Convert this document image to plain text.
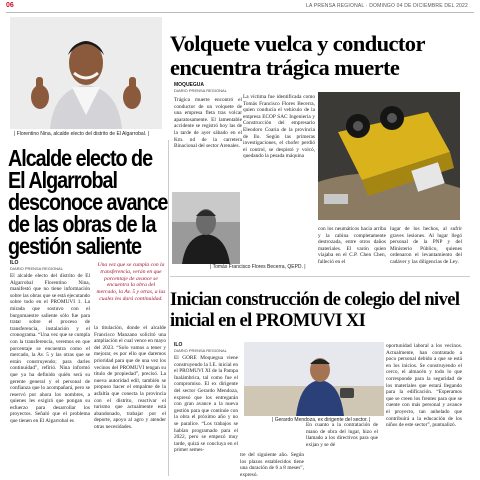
06	LA PRENSA REGIONAL · DOMINGO 04 DE DICIEMBRE DEL 2022
| Florentino Nina, alcalde electo del distrito de El Algarrobal. |
Alcalde electo de El Algarrobal desconoce avance de las obras de la gestión saliente
ILO
DIARIO PRENSA REGIONAL
Una vez que se cumpla con la transferencia, verán en que porcentaje de avance se encuentra la obra del mercado, la Av. 5 y otras, a las cuales les dará continuidad.

El alcalde electo del distrito de El Algarrobal Florentino Nina, manifestó que no tiene información sobre las obras que se está ejecutando sobre todo en el PROMUVI 1. La mirada que sostuvo con el burgomaestre saliente sólo fue para tratar sobre el proceso de transferencia, instalación y el cronograma. “Una vez que se cumpla con la transferencia, veremos en que porcentaje se encuentra como el mercado, la Av. 5 y las otras que se están construyendo; para darles continuidad”, refirió. Nina informó que ya ha definido quién será su gerente general y el personal de confianza que lo acompañará, pero se reservó por ahora los nombres, a quienes les exigirá que pongan su esfuerzo para desarrollar los proyectos. Señaló que el problema que tienen en El Algarrobal es

la titulación, donde el alcalde Francisco Manzano solicitó una ampliación el cual vence en mayo del 2023. “Solo vamos a tener y mejorar, es por ello que daremos prioridad para que de una vez los vecinos del PROMUVI tengan su título de propiedad”, precisó. La nueva autoridad edil, también se propuso hacer el empalme de la asfaltía que conecta la provincia con el distrito, reactivar el turismo que actualmente está abandonado, trabajar por el deporte, apoyo al agro y atender otras necesidades.

Volquete vuelca y conductor encuentra trágica muerte
MOQUEGUA
DIARIO PRENSA REGIONAL

Trágica muerte encontró el conductor de un volquete de una empresa fleta tras volcar aparatosamente. El lamentable accidente se registró hoy las de la tarde de ayer sábado en el Km. nd de la carretera Binacional del sector Arenales.

La víctima fue identificada como Tomás Francisco Flores Becerra, quien conducía el vehículo de la empresa ECOP SAC Ingeniería y Construcción del empresario Eleodoro Coaria de la provincia de Ilo. Según las primeras investigaciones, el chofer perdió el control, se despistó y volcó, quedando la pesada máquina

| Tomás Francisco Flores Becerra, QEPD. |

con los neumáticos hacia arriba y la cabina completamente destrozada, entre otros daños materiales. El varón quien viajaba en el C.P. Chen Chen, falleció en el

lugar de los hechos, al sufrir graves lesiones. Al lugar llegó personal de la PNP y del Ministerio Público, quienes ordenaron el levantamiento del cadáver y las diligencias de Ley.

Inician construcción de colegio del nivel inicial en el PROMUVI XI
ILO
DIARIO PRENSA REGIONAL

El GORE Moquegua viene construyendo la I.E. inicial en el PROMUVI XI de la Pampa Inalámbrica, tal como fue el compromiso. El ex dirigente del sector Gerardo Mendoza, expresó que los entregarán con gran avance a la nueva gestión para que continúe con la obra el próximo año y no se paralice. “Los trabajos se habían programado para el 2022, pero se empezó muy tarde, quizá se concluya en el primer semes-

| Gerardo Mendoza, ex dirigente del sector. |

tre del siguiente año. Según los plazos establecidos tiene una duración de 6 a 8 meses”, expresó.

En cuanto a la contratación de mano de obra del lugar, hizo el llamado a los directivos para que exijan y se dé

oportunidad laboral a los vecinos. Actualmente, han contratado a poco personal debido a que se está en los inicios. Se construyendo el cerco, el almacén y todo lo que corresponde para la seguridad de los materiales que estará llegando para la edificación. “Esperamos que se creen los frentes para que se cuente con más personal y avance el proyecto, tan anhelado que contribuirá a la educación de los niños de este sector”, puntualizó.
